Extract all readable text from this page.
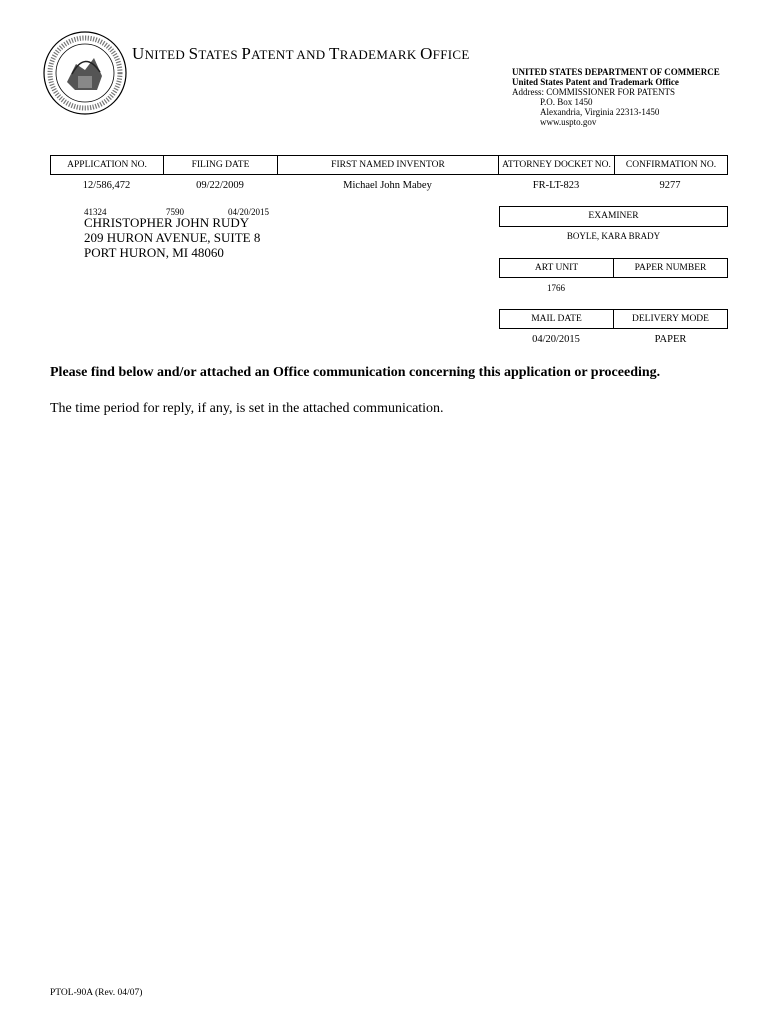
UNITED STATES PATENT AND TRADEMARK OFFICE
UNITED STATES DEPARTMENT OF COMMERCE
United States Patent and Trademark Office
Address: COMMISSIONER FOR PATENTS
P.O. Box 1450
Alexandria, Virginia 22313-1450
www.uspto.gov
APPLICATION NO.	FILING DATE	FIRST NAMED INVENTOR	ATTORNEY DOCKET NO.	CONFIRMATION NO.
12/586,472	09/22/2009	Michael John Mabey	FR-LT-823	9277
41324	7590	04/20/2015
CHRISTOPHER JOHN RUDY
209 HURON AVENUE, SUITE 8
PORT HURON, MI 48060
EXAMINER
BOYLE, KARA BRADY
ART UNIT	PAPER NUMBER
1766
MAIL DATE	DELIVERY MODE
04/20/2015	PAPER
Please find below and/or attached an Office communication concerning this application or proceeding.
The time period for reply, if any, is set in the attached communication.
PTOL-90A (Rev. 04/07)
